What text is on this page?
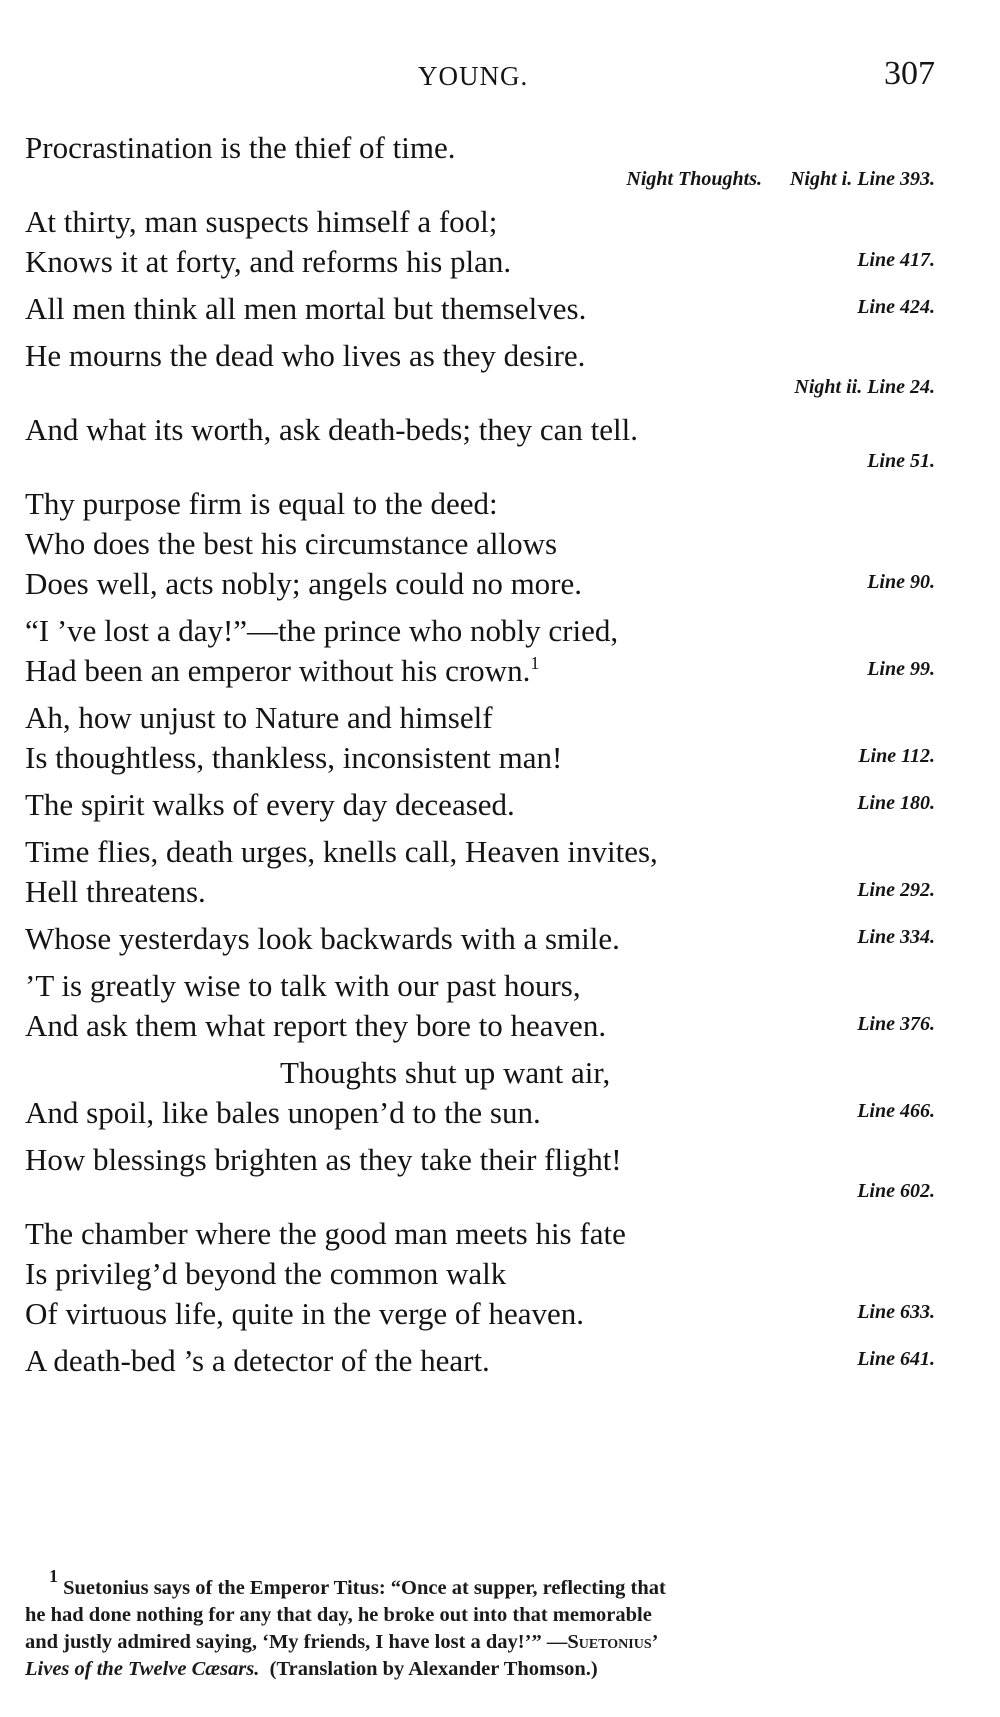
YOUNG.	307
Procrastination is the thief of time.
Night Thoughts. Night i. Line 393.
At thirty, man suspects himself a fool;
Knows it at forty, and reforms his plan.	Line 417.
All men think all men mortal but themselves.	Line 424.
He mourns the dead who lives as they desire.
Night ii. Line 24.
And what its worth, ask death-beds; they can tell.
Line 51.
Thy purpose firm is equal to the deed:
Who does the best his circumstance allows
Does well, acts nobly; angels could no more.	Line 90.
“I ’ve lost a day!”—the prince who nobly cried,
Had been an emperor without his crown.$^1$	Line 99.
Ah, how unjust to Nature and himself
Is thoughtless, thankless, inconsistent man!	Line 112.
The spirit walks of every day deceased.	Line 180.
Time flies, death urges, knells call, Heaven invites,
Hell threatens.	Line 292.
Whose yesterdays look backwards with a smile.	Line 334.
’T is greatly wise to talk with our past hours,
And ask them what report they bore to heaven.	Line 376.
Thoughts shut up want air,
And spoil, like bales unopen’d to the sun.	Line 466.
How blessings brighten as they take their flight!
Line 602.
The chamber where the good man meets his fate
Is privileg’d beyond the common walk
Of virtuous life, quite in the verge of heaven.	Line 633.
A death-bed ’s a detector of the heart.	Line 641.
$^1$ Suetonius says of the Emperor Titus: “Once at supper, reflecting that
he had done nothing for any that day, he broke out into that memorable
and justly admired saying, ‘My friends, I have lost a day!’” —Suetonius’
Lives of the Twelve Cæsars. (Translation by Alexander Thomson.)
